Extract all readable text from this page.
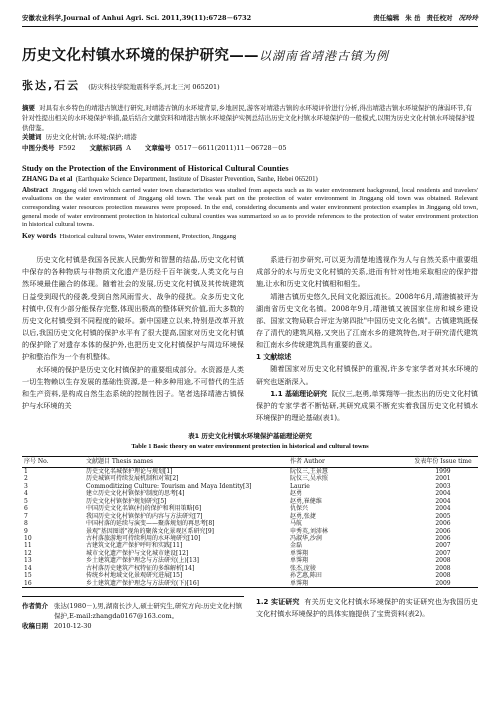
安徽农业科学,Journal of Anhui Agri. Sci. 2011,39(11):6728－6732	责任编辑 朱 岳 责任校对 况玲玲
历史文化村镇水环境的保护研究——以湖南省靖港古镇为例
张达,石云 (防灾科技学院地震科学系,河北三河 065201)
摘要 对具有水乡特色的靖港古镇进行研究,对靖港古镇的水环境背景,乡地居民,游客对靖港古镇的水环境评价进行分析,得出靖港古镇水环境保护的薄弱环节,有针对性提出相关的水环境保护举措,最后结合文献资料和靖港古镇水环境保护实例总结出历史文化村镇水环境保护的一般模式,以期为历史文化村镇水环境保护提供借鉴。
关键词 历史文化村镇;水环境;保护;靖港
中图分类号 F592 文献标识码 A 文章编号 0517－6611(2011)11－06728－05
Study on the Protection of the Environment of Historical Cultural Counties
ZHANG Da et al (Earthquake Science Department, Institute of Disaster Prevention, Sanhe, Hebei 065201)
Abstract Jinggang old town which carried water town characteristics was studied from aspects such as its water environment background, local residents and travelers' evaluations on the water environment of Jinggang old town. The weak part on the protection of water environment in Jinggang old town was obtained. Relevant corresponding water resources protection measures were proposed. In the end, considering documents and water environment protection examples in Jinggang old town, general mode of water environment protection in historical cultural counties was summarized so as to provide references to the protection of water environment protection in historical cultural towns.
Key words Historical cultural towns, Water environment, Protection, Jinggang

历史文化村镇是我国各民族人民勤劳和智慧的结晶,历史文化村镇中保存的各种物质与非物质文化遗产是历经千百年演变,人类文化与自然环境最佳融合的体现。随着社会的发展,历史文化村镇及其传统建筑日益受到现代的侵袭,受到自然风雨雪火、战争的侵扰。众多历史文化村镇中,仅有少部分能保存完整,体现出极高的整体研究价值,而大多数的历史文化村镇受到不同程度的破坏。新中国建立以来,特别是改革开放以后,我国历史文化村镇的保护水平有了很大提高,国家对历史文化村镇的保护除了对遗存本体的保护外,也把历史文化村镇保护与周边环境保护和整治作为一个有机整体。

水环境的保护是历史文化村镇保护的重要组成部分。水资源是人类一切生物赖以生存发展的基础性资源,是一种多种用途,不可替代的生活和生产资料,是构成自然生态系统的控制性因子。笔者选择靖港古镇保护与水环境的关

系进行初步研究,可以更为清楚地透视作为人与自然关系中重要组成部分的水与历史文化村镇的关系,进而有针对性地采取相应的保护措施,让水和历史文化村镇相和相生。

靖港古镇历史悠久,民间文化源远流长。2008年6月,靖港镇被评为湖南省历史文化名镇。2008年9月,靖港镇又被国家住房和城乡建设部、国家文物局联合评定为第四批"中国历史文化名镇"。古镇建筑既保存了清代的建筑风格,又突出了江南水乡的建筑特色,对于研究清代建筑和江南水乡传统建筑具有重要的意义。

1 文献综述

随着国家对历史文化村镇保护的重视,许多专家学者对其水环境的研究也逐渐深入。

1.1 基础理论研究 阮仪三,赵勇,单霁翔等一批杰出的历史文化村镇保护的专家学者不断钻研,其研究成果不断充实着我国历史文化村镇水环境保护的理论基础(表1)。

表1 历史文化村镇水环境保护基础理论研究
Table 1 Basic theory on water environment protection in historical and cultural towns
序号 No.	文献题目 Thesis names	作者 Author	发表年份 Issue time
1	历史文化名城保护理论与规划[1]	阮仪三,王景慧	1999
2	历史城镇可持续发展机制和对策[2]	阮仪三,吴承照	2001
3	Commoditizing Culture: Tourism and Maya Identity[3]	Laurie	2003
4	建立历史文化村镇保护制度的思考[4]	赵勇	2004
5	历史文化村镇保护规划研究[5]	赵勇,崔健维	2004
6	中国历史文化名镇(村)的保护和利用策略[6]	仇保兴	2004
7	我国历史文化村镇保护的内容与方法研究[7]	赵勇,张捷	2005
8	中国村落的延续与演变——聚落规划的再思考[8]	马航	2006
9	景观"基因图谱"视角的聚落文化景观区系研究[9]	申秀英,刘沛林	2006
10	古村落旅游地可持续利用的水环境研究[10]	冯淑华,沙润	2006
11	古建筑文化遗产保护呼吁和实践[11]	金磊	2007
12	城市文化遗产保护与文化城市建设[12]	单霁翔	2007
13	乡土建筑遗产保护理念与方法研究(上)[13]	单霁翔	2008
14	古村落历史建筑产权特征的多维解析[14]	张杰,庞骏	2008
15	传统乡村地域文化景观研究进展[15]	孙艺惠,陈田	2008
16	乡土建筑遗产保护理念与方法研究(下)[16]	单霁翔	2009
作者简介 张达(1980－),男,湖南长沙人,硕士研究生,研究方向:历史文化村镇保护,E-mail:zhangda0167@163.com。
收稿日期 2010-12-30

1.2 实证研究 有关历史文化村镇水环境保护的实证研究也为我国历史文化村镇水环境保护的具体实施提供了宝贵资料(表2)。
